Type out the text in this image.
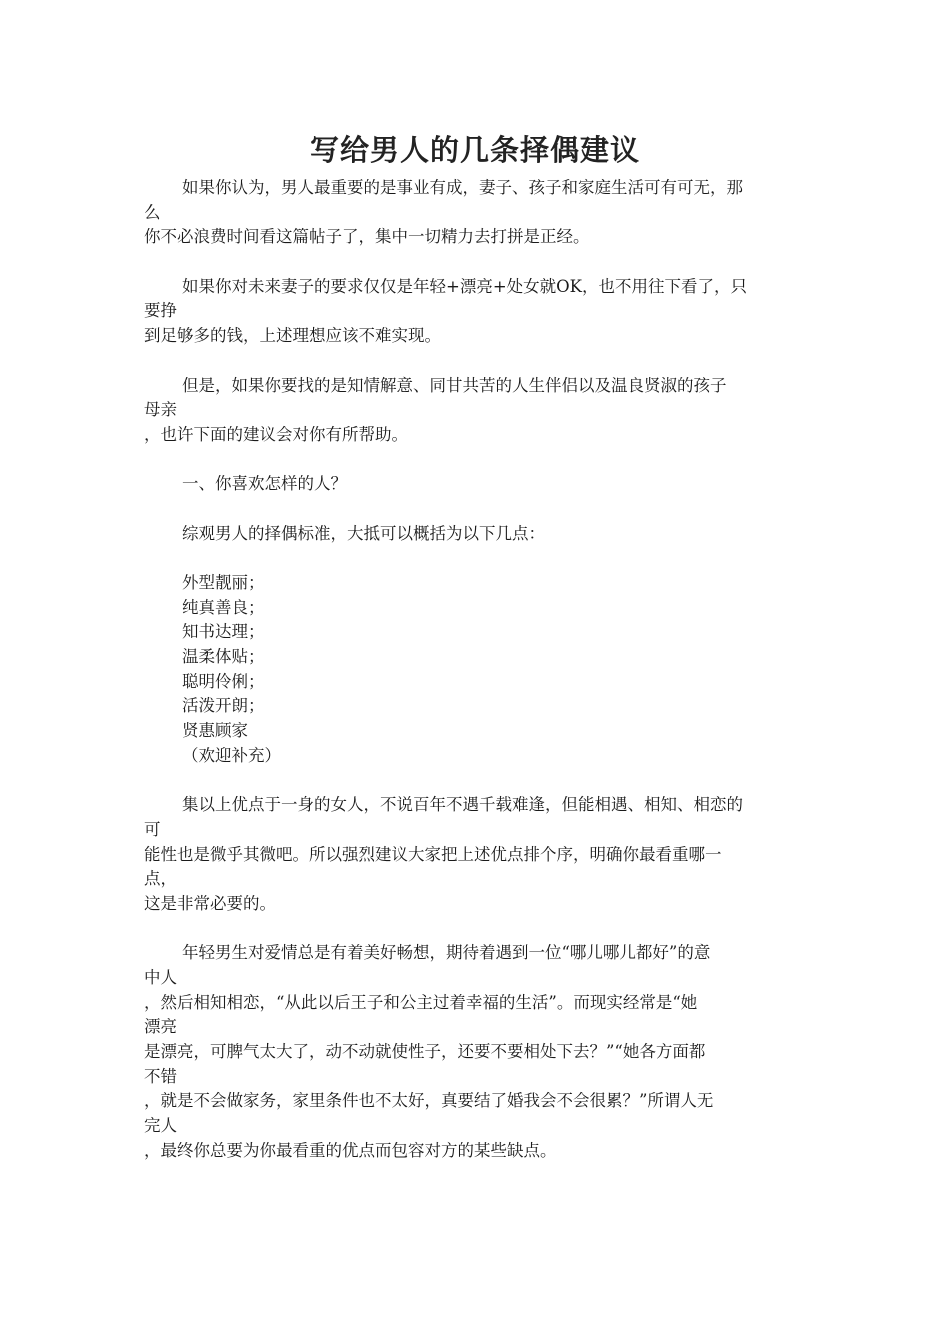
写给男人的几条择偶建议
如果你认为，男人最重要的是事业有成，妻子、孩子和家庭生活可有可无，那
么
你不必浪费时间看这篇帖子了，集中一切精力去打拼是正经。
如果你对未来妻子的要求仅仅是年轻+漂亮+处女就OK，也不用往下看了，只
要挣
到足够多的钱，上述理想应该不难实现。
但是，如果你要找的是知情解意、同甘共苦的人生伴侣以及温良贤淑的孩子
母亲
，也许下面的建议会对你有所帮助。
一、你喜欢怎样的人？
综观男人的择偶标准，大抵可以概括为以下几点：
外型靓丽；
纯真善良；
知书达理；
温柔体贴；
聪明伶俐；
活泼开朗；
贤惠顾家
（欢迎补充）
集以上优点于一身的女人，不说百年不遇千载难逢，但能相遇、相知、相恋的
可
能性也是微乎其微吧。所以强烈建议大家把上述优点排个序，明确你最看重哪一
点，
这是非常必要的。
年轻男生对爱情总是有着美好畅想，期待着遇到一位“哪儿哪儿都好”的意
中人
，然后相知相恋，“从此以后王子和公主过着幸福的生活”。而现实经常是“她
漂亮
是漂亮，可脾气太大了，动不动就使性子，还要不要相处下去？”“她各方面都
不错
，就是不会做家务，家里条件也不太好，真要结了婚我会不会很累？”所谓人无
完人
，最终你总要为你最看重的优点而包容对方的某些缺点。
